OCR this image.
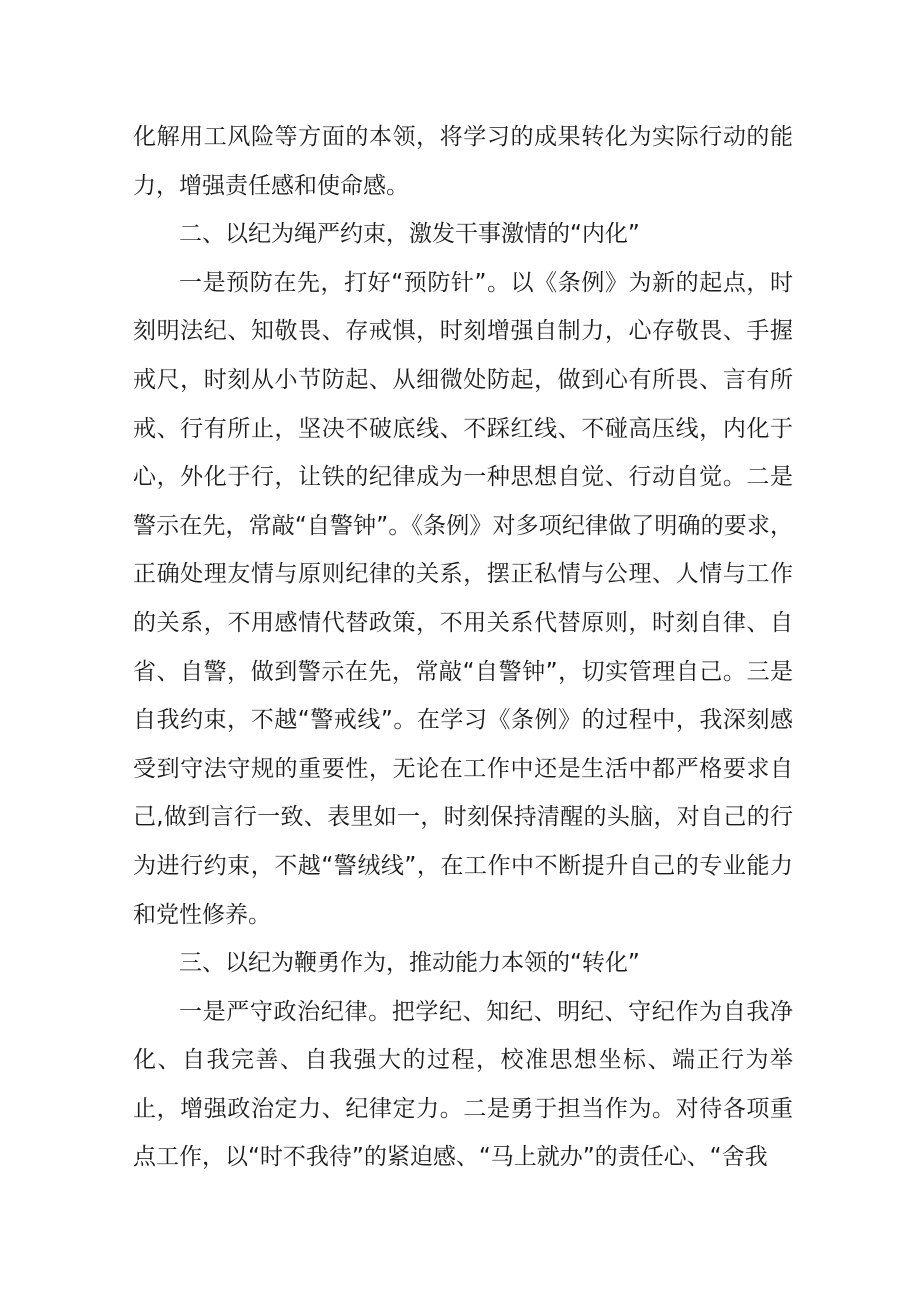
化解用工风险等方面的本领，将学习的成果转化为实际行动的能力，增强责任感和使命感。

二、以纪为绳严约束，激发干事激情的“内化”

一是预防在先，打好“预防针”。以《条例》为新的起点，时刻明法纪、知敬畏、存戒惧，时刻增强自制力，心存敬畏、手握戒尺，时刻从小节防起、从细微处防起，做到心有所畏、言有所戒、行有所止，坚决不破底线、不踩红线、不碰高压线，内化于心，外化于行，让铁的纪律成为一种思想自觉、行动自觉。二是警示在先，常敲“自警钟”。《条例》对多项纪律做了明确的要求，正确处理友情与原则纪律的关系，摆正私情与公理、人情与工作的关系，不用感情代替政策，不用关系代替原则，时刻自律、自省、自警，做到警示在先，常敲“自警钟”，切实管理自己。三是自我约束，不越“警戒线”。在学习《条例》的过程中，我深刻感受到守法守规的重要性，无论在工作中还是生活中都严格要求自己,做到言行一致、表里如一，时刻保持清醒的头脑，对自己的行为进行约束，不越“警绒线”，在工作中不断提升自己的专业能力和党性修养。

三、以纪为鞭勇作为，推动能力本领的“转化”

一是严守政治纪律。把学纪、知纪、明纪、守纪作为自我净化、自我完善、自我强大的过程，校准思想坐标、端正行为举止，增强政治定力、纪律定力。二是勇于担当作为。对待各项重点工作，以“时不我待”的紧迫感、“马上就办”的责任心、“舍我
